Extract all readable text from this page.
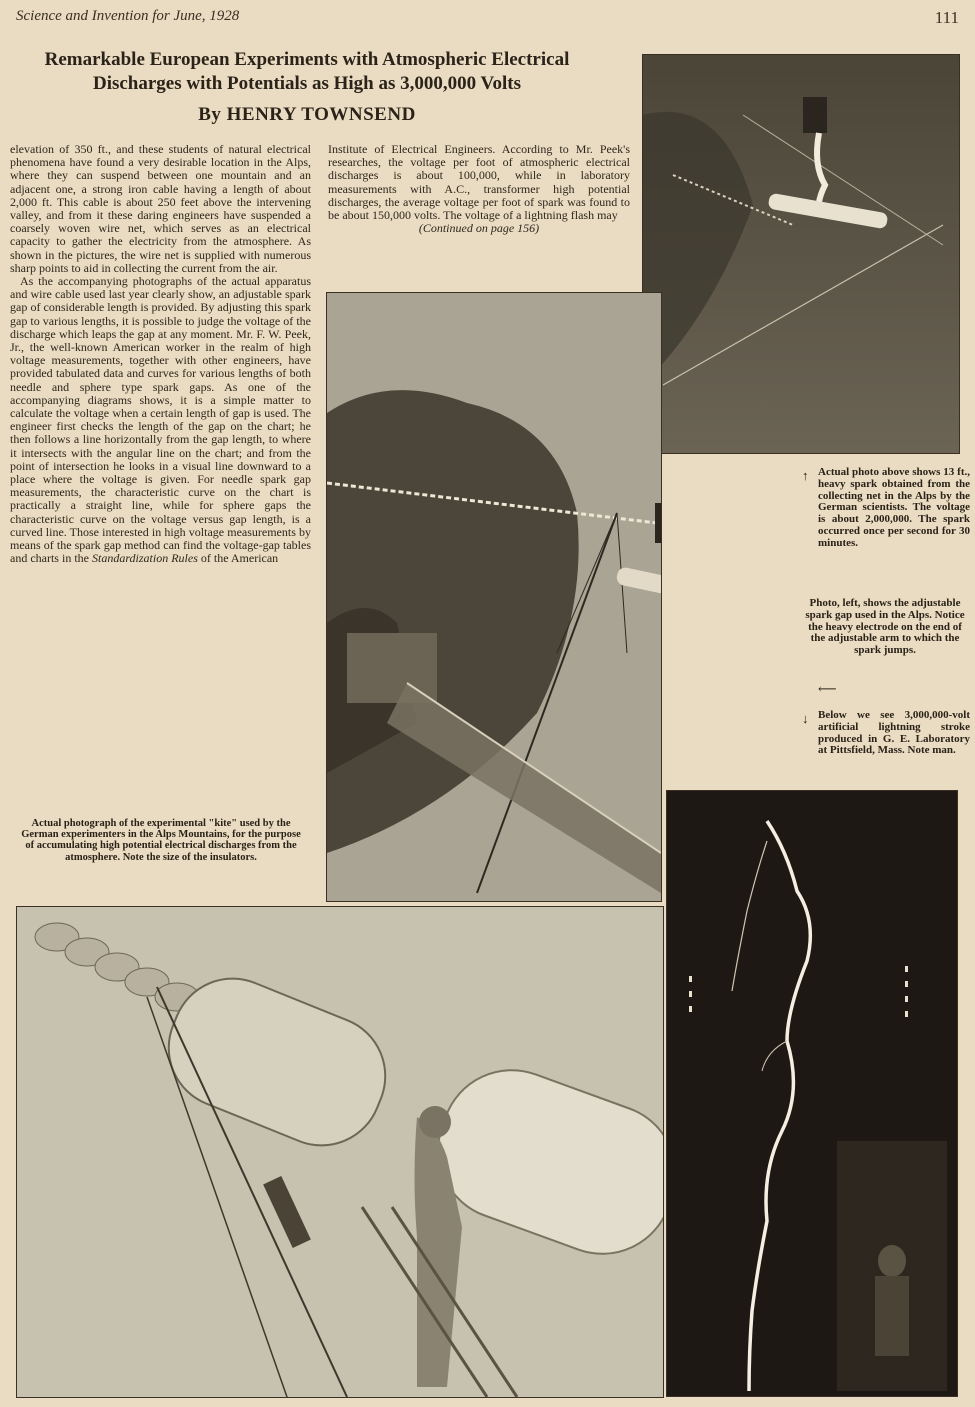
Science and Invention for June, 1928	111
Remarkable European Experiments with Atmospheric Electrical
Discharges with Potentials as High as 3,000,000 Volts
By HENRY TOWNSEND

elevation of 350 ft., and these students of natural electrical phenomena have found a very desirable location in the Alps, where they can suspend between one mountain and an adjacent one, a strong iron cable having a length of about 2,000 ft. This cable is about 250 feet above the intervening valley, and from it these daring engineers have suspended a coarsely woven wire net, which serves as an electrical capacity to gather the electricity from the atmosphere. As shown in the pictures, the wire net is supplied with numerous sharp points to aid in collecting the current from the air.

As the accompanying photographs of the actual apparatus and wire cable used last year clearly show, an adjustable spark gap of considerable length is provided. By adjusting this spark gap to various lengths, it is possible to judge the voltage of the discharge which leaps the gap at any moment. Mr. F. W. Peek, Jr., the well-known American worker in the realm of high voltage measurements, together with other engineers, have provided tabulated data and curves for various lengths of both needle and sphere type spark gaps. As one of the accompanying diagrams shows, it is a simple matter to calculate the voltage when a certain length of gap is used. The engineer first checks the length of the gap on the chart; he then follows a line horizontally from the gap length, to where it intersects with the angular line on the chart; and from the point of intersection he looks in a visual line downward to a place where the voltage is given. For needle spark gap measurements, the characteristic curve on the chart is practically a straight line, while for sphere gaps the characteristic curve on the voltage versus gap length, is a curved line. Those interested in high voltage measurements by means of the spark gap method can find the voltage-gap tables and charts in the Standardization Rules of the American

Institute of Electrical Engineers. According to Mr. Peek's researches, the voltage per foot of atmospheric electrical discharges is about 100,000, while in laboratory measurements with A.C., transformer high potential discharges, the average voltage per foot of spark was found to be about 150,000 volts. The voltage of a lightning flash may

(Continued on page 156)
↑ Actual photo above shows 13 ft., heavy spark obtained from the collecting net in the Alps by the German scientists. The voltage is about 2,000,000. The spark occurred once per second for 30 minutes.
Photo, left, shows the adjustable spark gap used in the Alps. Notice the heavy electrode on the end of the adjustable arm to which the spark jumps.
⟵
↓ Below we see 3,000,000-volt artificial lightning stroke produced in G. E. Laboratory at Pittsfield, Mass. Note man.
Actual photograph of the experimental "kite" used by the German experimenters in the Alps Mountains, for the purpose of accumulating high potential electrical discharges from the atmosphere. Note the size of the insulators.
